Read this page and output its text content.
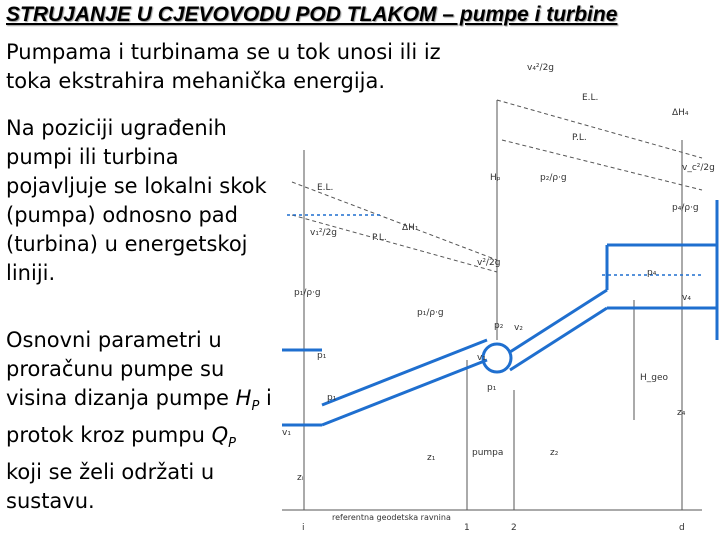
STRUJANJE U CJEVOVODU POD TLAKOM – pumpe i turbine
Pumpama i turbinama se u tok unosi ili iz toka ekstrahira mehanička energija.
Na poziciji ugrađenih pumpi ili turbina pojavljuje se lokalni skok (pumpa) odnosno pad (turbina) u energetskoj liniji.
Osnovni parametri u proračunu pumpe su visina dizanja pumpe $H_P$ i protok kroz pumpu $Q_P$ koji se želi održati u sustavu.
referentna geodetska ravnina
E.L.
P.L.
E.L.
P.L.
ΔH₁
ΔH₄
Hₚ
H_geo
p₁/ρ·g
p₁/ρ·g
p₂/ρ·g
p₄/ρ·g
v₁²/2g
v²/2g
v₄²/2g
v_c²/2g
v₁
v₁
v₂
v₄
p₁
p₁
p₁
p₂
p₄
zᵢ
z₁	z₂
z₄
pumpa
i	1	2	d
